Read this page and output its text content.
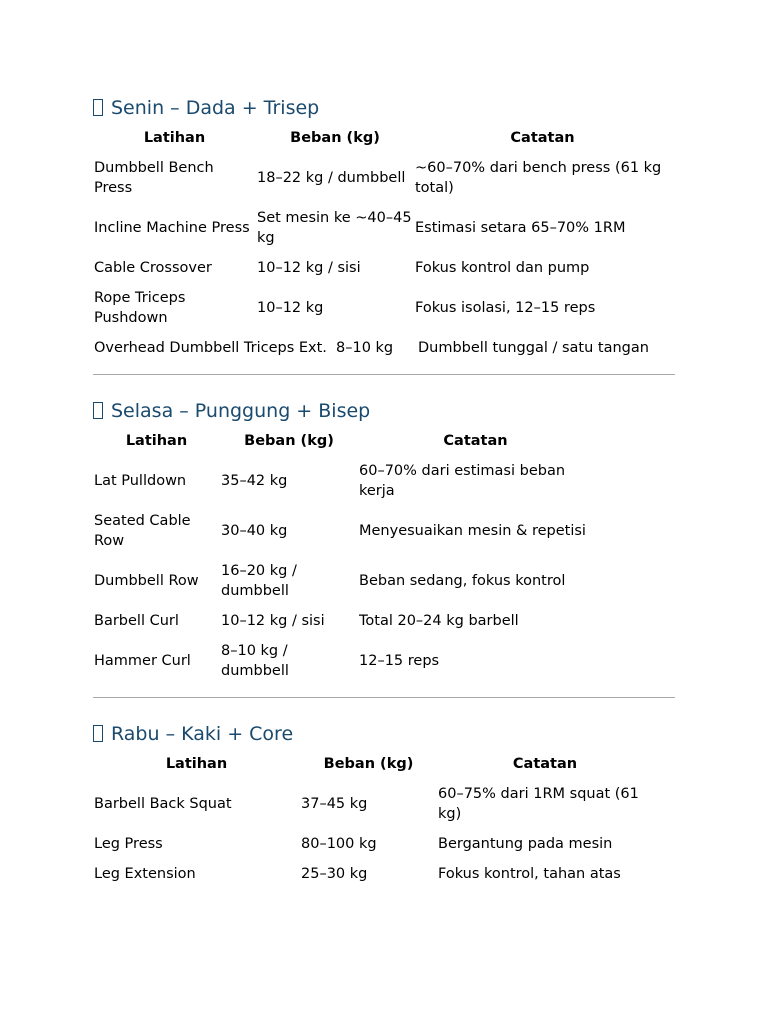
Senin – Dada + Trisep
Latihan	Beban (kg)	Catatan
Dumbbell Bench Press	18–22 kg / dumbbell	~60–70% dari bench press (61 kg total)
Incline Machine Press	Set mesin ke ~40–45 kg	Estimasi setara 65–70% 1RM
Cable Crossover	10–12 kg / sisi	Fokus kontrol dan pump
Rope Triceps Pushdown	10–12 kg	Fokus isolasi, 12–15 reps
Overhead Dumbbell Triceps Ext.	8–10 kg	Dumbbell tunggal / satu tangan
Selasa – Punggung + Bisep
Latihan	Beban (kg)	Catatan
Lat Pulldown	35–42 kg	60–70% dari estimasi beban kerja
Seated Cable Row	30–40 kg	Menyesuaikan mesin & repetisi
Dumbbell Row	16–20 kg / dumbbell	Beban sedang, fokus kontrol
Barbell Curl	10–12 kg / sisi	Total 20–24 kg barbell
Hammer Curl	8–10 kg / dumbbell	12–15 reps
Rabu – Kaki + Core
Latihan	Beban (kg)	Catatan
Barbell Back Squat	37–45 kg	60–75% dari 1RM squat (61 kg)
Leg Press	80–100 kg	Bergantung pada mesin
Leg Extension	25–30 kg	Fokus kontrol, tahan atas
